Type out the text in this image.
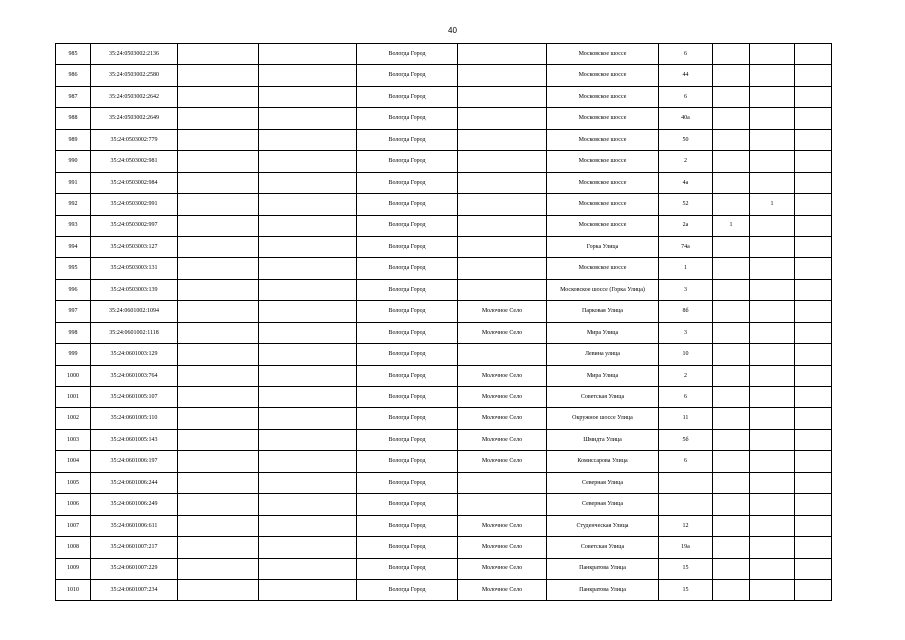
40
985	35:24:0503002:2136			Вологда Город		Московское шоссе	6			
986	35:24:0503002:2580			Вологда Город		Московское шоссе	44			
987	35:24:0503002:2642			Вологда Город		Московское шоссе	6			
988	35:24:0503002:2649			Вологда Город		Московское шоссе	40а			
989	35:24:0503002:779			Вологда Город		Московское шоссе	50			
990	35:24:0503002:981			Вологда Город		Московское шоссе	2			
991	35:24:0503002:984			Вологда Город		Московское шоссе	4а			
992	35:24:0503002:991			Вологда Город		Московское шоссе	52		1	
993	35:24:0503002:997			Вологда Город		Московское шоссе	2а	1		
994	35:24:0503003:127			Вологда Город		Горка Улица	74а			
995	35:24:0503003:131			Вологда Город		Московское шоссе	1			
996	35:24:0503003:139			Вологда Город		Московское шоссе (Горка Улица)	3			
997	35:24:0601002:1094			Вологда Город	Молочное Село	Парковая Улица	8б			
998	35:24:0601002:1118			Вологда Город	Молочное Село	Мира Улица	3			
999	35:24:0601003:129			Вологда Город		Левина улица	10			
1000	35:24:0601003:764			Вологда Город	Молочное Село	Мира Улица	2			
1001	35:24:0601005:107			Вологда Город	Молочное Село	Советская Улица	6			
1002	35:24:0601005:110			Вологда Город	Молочное Село	Окружное шоссе Улица	11			
1003	35:24:0601005:143			Вологда Город	Молочное Село	Шмидта Улица	5б			
1004	35:24:0601006:197			Вологда Город	Молочное Село	Комиссарова Улица	6			
1005	35:24:0601006:244			Вологда Город		Северная Улица				
1006	35:24:0601006:249			Вологда Город		Северная Улица				
1007	35:24:0601006:611			Вологда Город	Молочное Село	Студенческая Улица	12			
1008	35:24:0601007:217			Вологда Город	Молочное Село	Советская Улица	19а			
1009	35:24:0601007:229			Вологда Город	Молочное Село	Панкратова Улица	15			
1010	35:24:0601007:234			Вологда Город	Молочное Село	Панкратова Улица	15			
